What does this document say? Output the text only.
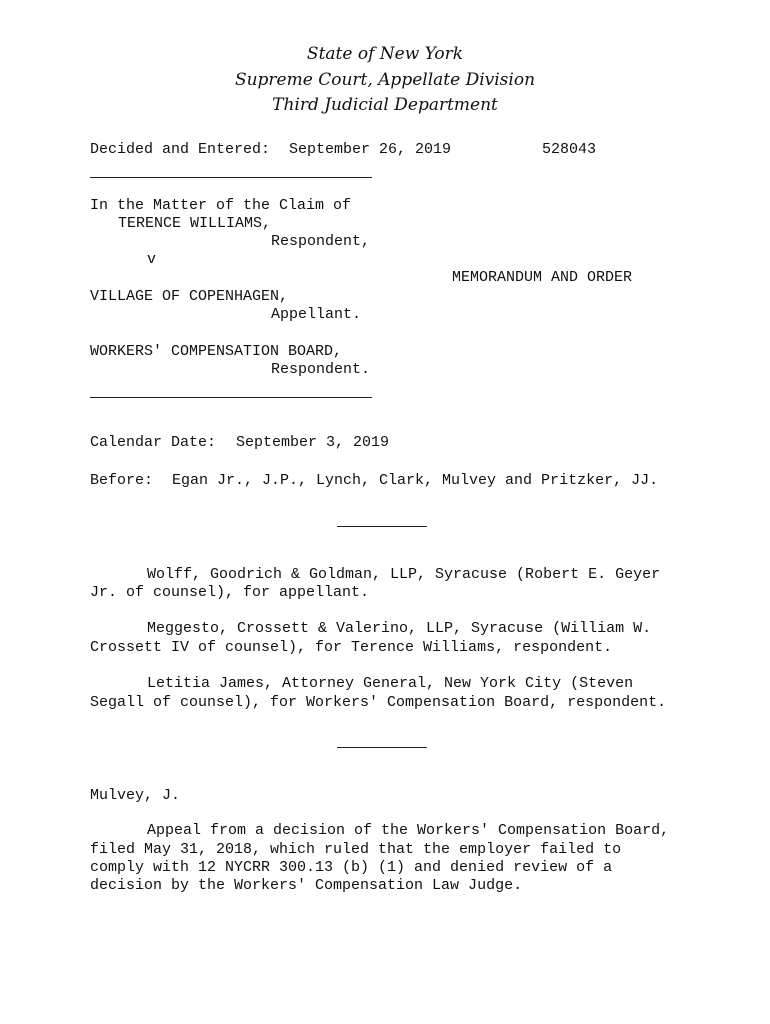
State of New York
Supreme Court, Appellate Division
Third Judicial Department
Decided and Entered: September 26, 2019	528043
In the Matter of the Claim of
TERENCE WILLIAMS,
Respondent,
v
MEMORANDUM AND ORDER
VILLAGE OF COPENHAGEN,
Appellant.
WORKERS' COMPENSATION BOARD,
Respondent.
Calendar Date: September 3, 2019
Before: Egan Jr., J.P., Lynch, Clark, Mulvey and Pritzker, JJ.
Wolff, Goodrich & Goldman, LLP, Syracuse (Robert E. Geyer
Jr. of counsel), for appellant.
Meggesto, Crossett & Valerino, LLP, Syracuse (William W.
Crossett IV of counsel), for Terence Williams, respondent.
Letitia James, Attorney General, New York City (Steven
Segall of counsel), for Workers' Compensation Board, respondent.
Mulvey, J.
Appeal from a decision of the Workers' Compensation Board,
filed May 31, 2018, which ruled that the employer failed to
comply with 12 NYCRR 300.13 (b) (1) and denied review of a
decision by the Workers' Compensation Law Judge.
